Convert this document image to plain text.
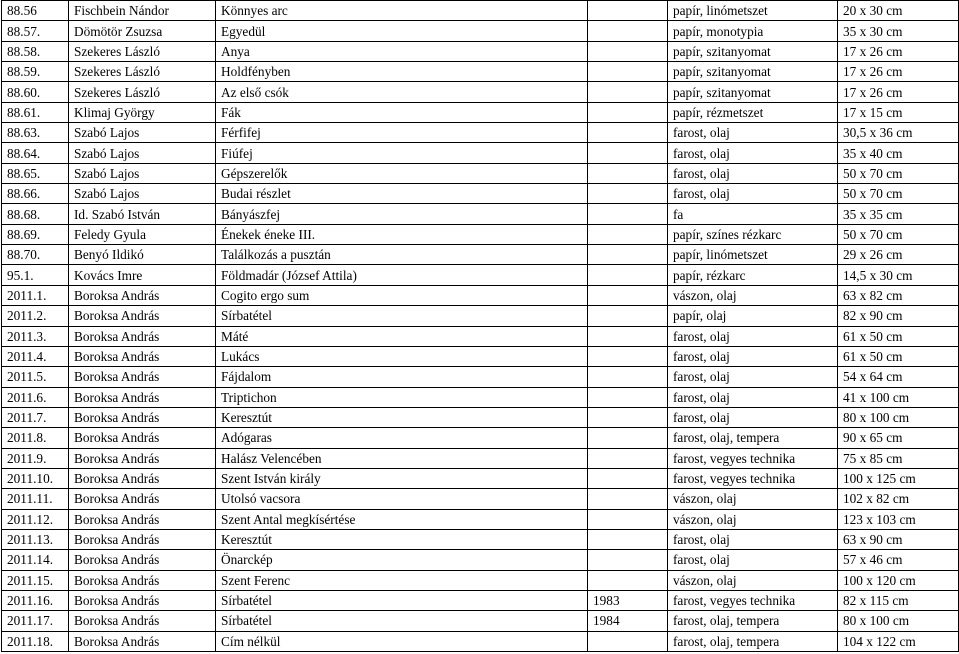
88.56	Fischbein Nándor	Könnyes arc		papír, linómetszet	20 x 30 cm
88.57.	Dömötör Zsuzsa	Egyedül		papír, monotypia	35 x 30 cm
88.58.	Szekeres László	Anya		papír, szitanyomat	17 x 26 cm
88.59.	Szekeres László	Holdfényben		papír, szitanyomat	17 x 26 cm
88.60.	Szekeres László	Az első csók		papír, szitanyomat	17 x 26 cm
88.61.	Klimaj György	Fák		papír, rézmetszet	17 x 15 cm
88.63.	Szabó Lajos	Férfifej		farost, olaj	30,5 x 36 cm
88.64.	Szabó Lajos	Fiúfej		farost, olaj	35 x 40 cm
88.65.	Szabó Lajos	Gépszerelők		farost, olaj	50 x 70 cm
88.66.	Szabó Lajos	Budai részlet		farost, olaj	50 x 70 cm
88.68.	Id. Szabó István	Bányászfej		fa	35 x 35 cm
88.69.	Feledy Gyula	Énekek éneke III.		papír, színes rézkarc	50 x 70 cm
88.70.	Benyó Ildikó	Találkozás a pusztán		papír, linómetszet	29 x 26 cm
95.1.	Kovács Imre	Földmadár (József Attila)		papír, rézkarc	14,5 x 30 cm
2011.1.	Boroksa András	Cogito ergo sum		vászon, olaj	63 x 82 cm
2011.2.	Boroksa András	Sírbatétel		papír, olaj	82 x 90 cm
2011.3.	Boroksa András	Máté		farost, olaj	61 x 50 cm
2011.4.	Boroksa András	Lukács		farost, olaj	61 x 50 cm
2011.5.	Boroksa András	Fájdalom		farost, olaj	54 x 64 cm
2011.6.	Boroksa András	Triptichon		farost, olaj	41 x 100 cm
2011.7.	Boroksa András	Keresztút		farost, olaj	80 x 100 cm
2011.8.	Boroksa András	Adógaras		farost, olaj, tempera	90 x 65 cm
2011.9.	Boroksa András	Halász Velencében		farost, vegyes technika	75 x 85 cm
2011.10.	Boroksa András	Szent István király		farost, vegyes technika	100 x 125 cm
2011.11.	Boroksa András	Utolsó vacsora		vászon, olaj	102 x 82 cm
2011.12.	Boroksa András	Szent Antal megkísértése		vászon, olaj	123 x 103 cm
2011.13.	Boroksa András	Keresztút		farost, olaj	63 x 90 cm
2011.14.	Boroksa András	Önarckép		farost, olaj	57 x 46 cm
2011.15.	Boroksa András	Szent Ferenc		vászon, olaj	100 x 120 cm
2011.16.	Boroksa András	Sírbatétel	1983	farost, vegyes technika	82 x 115 cm
2011.17.	Boroksa András	Sírbatétel	1984	farost, olaj, tempera	80 x 100 cm
2011.18.	Boroksa András	Cím nélkül		farost, olaj, tempera	104 x 122 cm
